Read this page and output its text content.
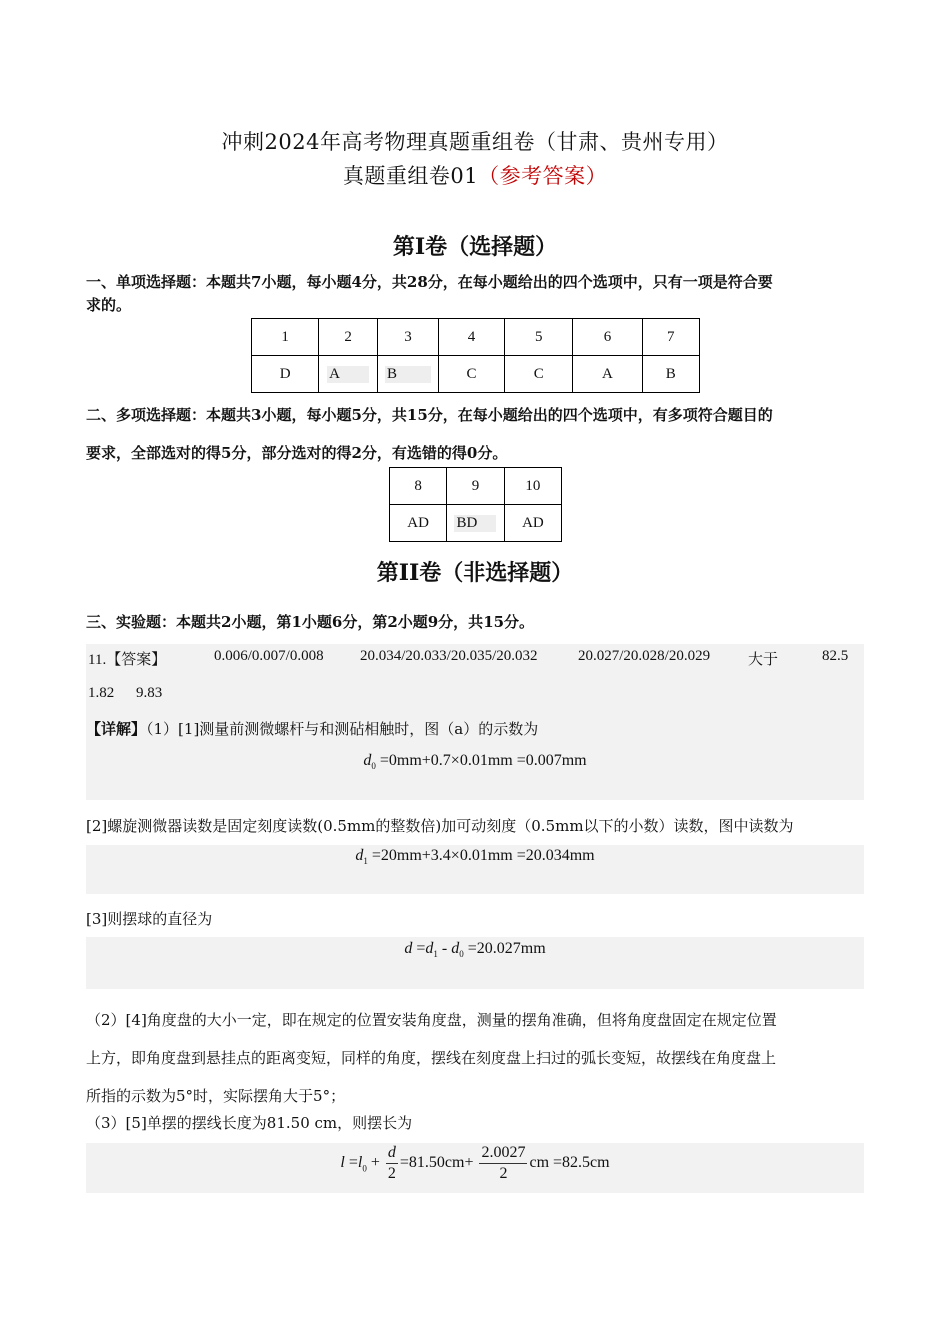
冲刺2024年高考物理真题重组卷（甘肃、贵州专用）
真题重组卷01（参考答案）
第I卷（选择题）
一、单项选择题：本题共7小题，每小题4分，共28分，在每小题给出的四个选项中，只有一项是符合要
求的。
1	2	3	4	5	6	7
D	A	B	C	C	A	B
二、多项选择题：本题共3小题，每小题5分，共15分，在每小题给出的四个选项中，有多项符合题目的
要求，全部选对的得5分，部分选对的得2分，有选错的得0分。
8	9	10
AD	BD	AD
第II卷（非选择题）
三、实验题：本题共2小题，第1小题6分，第2小题9分，共15分。
11.【答案】	0.006/0.007/0.008 20.034/20.033/20.035/20.032	20.027/20.028/20.029	大于	82.5
1.82 9.83
【详解】（1）[1]测量前测微螺杆与和测砧相触时，图（a）的示数为
$d_0 =0mm+0.7\times 0.01mm =0.007mm$
[2]螺旋测微器读数是固定刻度读数(0.5mm的整数倍)加可动刻度（0.5mm以下的小数）读数，图中读数为
$d_1 =20mm+3.4\times 0.01mm =20.034mm$
[3]则摆球的直径为
$d =d_1 - d_0 =20.027mm$
（2）[4]角度盘的大小一定，即在规定的位置安装角度盘，测量的摆角准确，但将角度盘固定在规定位置
上方，即角度盘到悬挂点的距离变短，同样的角度，摆线在刻度盘上扫过的弧长变短，故摆线在角度盘上
所指的示数为5°时，实际摆角大于5°；
（3）[5]单摆的摆线长度为81.50 cm，则摆长为
$l =l_0 + \frac{d}{2} =81.50cm+ \frac{2.0027}{2}$ cm =82.5cm
